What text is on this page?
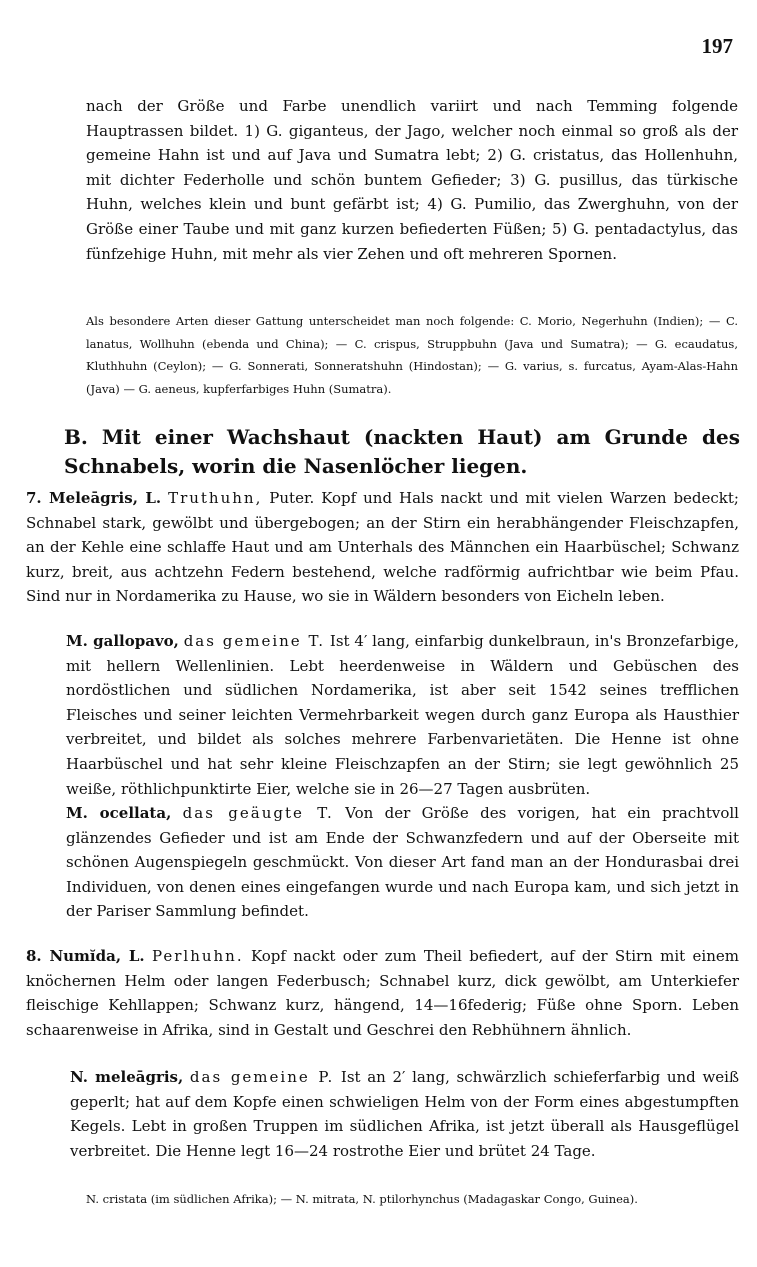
197

nach der Größe und Farbe unendlich variirt und nach Temming folgende Hauptrassen bildet. 1) G. giganteus, der Jago, welcher noch einmal so groß als der gemeine Hahn ist und auf Java und Sumatra lebt; 2) G. cristatus, das Hollenhuhn, mit dichter Federholle und schön buntem Gefieder; 3) G. pusillus, das türkische Huhn, welches klein und bunt gefärbt ist; 4) G. Pumilio, das Zwerghuhn, von der Größe einer Taube und mit ganz kurzen befiederten Füßen; 5) G. pentadactylus, das fünfzehige Huhn, mit mehr als vier Zehen und oft mehreren Spornen.

Als besondere Arten dieser Gattung unterscheidet man noch folgende: C. Morio, Negerhuhn (Indien); — C. lanatus, Wollhuhn (ebenda und China); — C. crispus, Struppbuhn (Java und Sumatra); — G. ecaudatus, Kluthhuhn (Ceylon); — G. Sonnerati, Sonneratshuhn (Hindostan); — G. varius, s. furcatus, Ayam-Alas-Hahn (Java) — G. aeneus, kupferfarbiges Huhn (Sumatra).

B. Mit einer Wachshaut (nackten Haut) am Grunde des Schnabels, worin die Nasenlöcher liegen.

7. Meleāgris, L. Truthuhn, Puter. Kopf und Hals nackt und mit vielen Warzen bedeckt; Schnabel stark, gewölbt und übergebogen; an der Stirn ein herabhängender Fleischzapfen, an der Kehle eine schlaffe Haut und am Unterhals des Männchen ein Haarbüschel; Schwanz kurz, breit, aus achtzehn Federn bestehend, welche radförmig aufrichtbar wie beim Pfau. Sind nur in Nordamerika zu Hause, wo sie in Wäldern besonders von Eicheln leben.

M. gallopavo, das gemeine T. Ist 4′ lang, einfarbig dunkelbraun, in's Bronzefarbige, mit hellern Wellenlinien. Lebt heerdenweise in Wäldern und Gebüschen des nordöstlichen und südlichen Nordamerika, ist aber seit 1542 seines trefflichen Fleisches und seiner leichten Vermehrbarkeit wegen durch ganz Europa als Hausthier verbreitet, und bildet als solches mehrere Farbenvarietäten. Die Henne ist ohne Haarbüschel und hat sehr kleine Fleischzapfen an der Stirn; sie legt gewöhnlich 25 weiße, röthlichpunktirte Eier, welche sie in 26—27 Tagen ausbrüten.

M. ocellata, das geäugte T. Von der Größe des vorigen, hat ein prachtvoll glänzendes Gefieder und ist am Ende der Schwanzfedern und auf der Oberseite mit schönen Augenspiegeln geschmückt. Von dieser Art fand man an der Hondurasbai drei Individuen, von denen eines eingefangen wurde und nach Europa kam, und sich jetzt in der Pariser Sammlung befindet.

8. Numĭda, L. Perlhuhn. Kopf nackt oder zum Theil befiedert, auf der Stirn mit einem knöchernen Helm oder langen Federbusch; Schnabel kurz, dick gewölbt, am Unterkiefer fleischige Kehllappen; Schwanz kurz, hängend, 14—16federig; Füße ohne Sporn. Leben schaarenweise in Afrika, sind in Gestalt und Geschrei den Rebhühnern ähnlich.

N. meleāgris, das gemeine P. Ist an 2′ lang, schwärzlich schieferfarbig und weiß geperlt; hat auf dem Kopfe einen schwieligen Helm von der Form eines abgestumpften Kegels. Lebt in großen Truppen im südlichen Afrika, ist jetzt überall als Hausgeflügel verbreitet. Die Henne legt 16—24 rostrothe Eier und brütet 24 Tage.

N. cristata (im südlichen Afrika); — N. mitrata, N. ptilorhynchus (Madagaskar Congo, Guinea).
